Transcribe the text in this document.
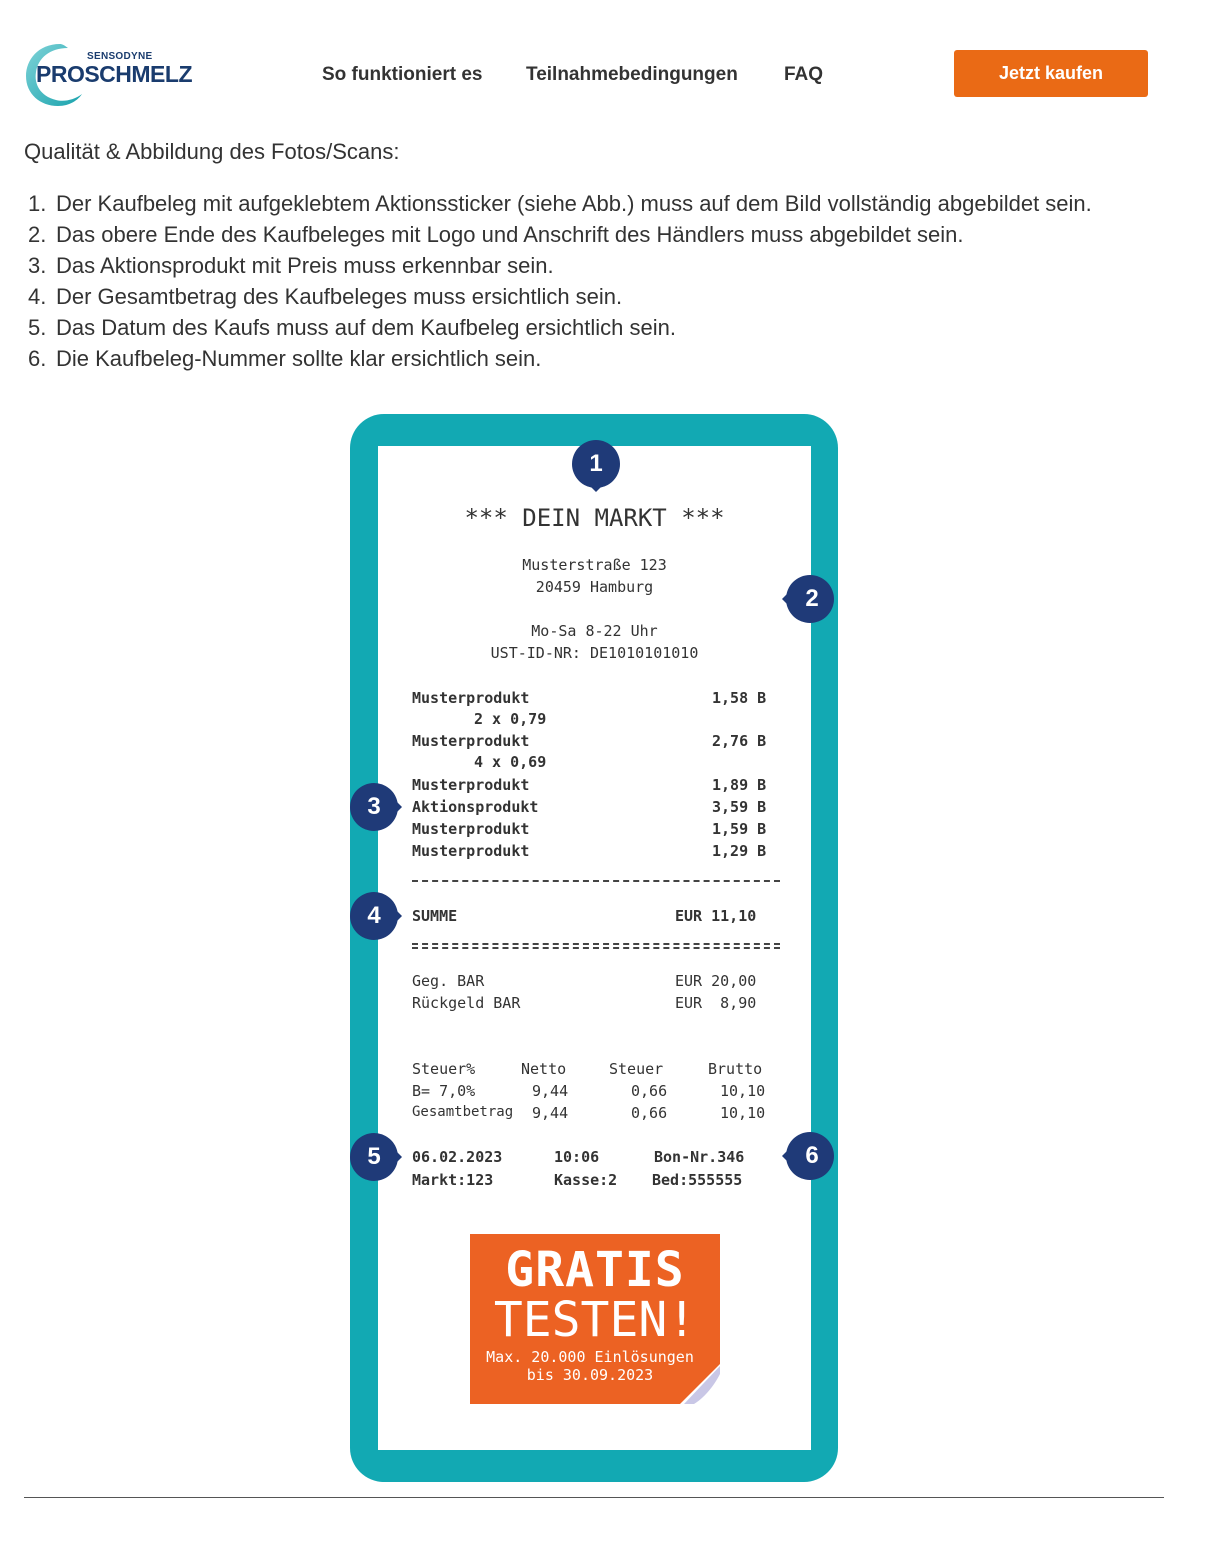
SENSODYNE
PROSCHMELZ	So funktioniert es Teilnahmebedingungen FAQ	Jetzt kaufen
Qualität & Abbildung des Fotos/Scans:
1. Der Kaufbeleg mit aufgeklebtem Aktionssticker (siehe Abb.) muss auf dem Bild vollständig abgebildet sein.
2. Das obere Ende des Kaufbeleges mit Logo und Anschrift des Händlers muss abgebildet sein.
3. Das Aktionsprodukt mit Preis muss erkennbar sein.
4. Der Gesamtbetrag des Kaufbeleges muss ersichtlich sein.
5. Das Datum des Kaufs muss auf dem Kaufbeleg ersichtlich sein.
6. Die Kaufbeleg-Nummer sollte klar ersichtlich sein.
*** DEIN MARKT ***
Musterstraße 123
20459 Hamburg
Mo-Sa 8-22 Uhr
UST-ID-NR: DE1010101010
Musterprodukt	1,58 B
2 x 0,79
Musterprodukt	2,76 B
4 x 0,69
Musterprodukt	1,89 B
Aktionsprodukt	3,59 B
Musterprodukt	1,59 B
Musterprodukt	1,29 B
SUMME	EUR 11,10
Geg. BAR	EUR 20,00
Rückgeld BAR	EUR  8,90
Steuer%	Netto	Steuer	Brutto
B= 7,0%	9,44	0,66	10,10
Gesamtbetrag 9,44	0,66	10,10
06.02.2023	10:06	Bon-Nr.346
Markt:123	Kasse:2 Bed:555555
GRATIS
TESTEN!
Max. 20.000 Einlösungen
bis 30.09.2023
1
2
3
4
5	6
